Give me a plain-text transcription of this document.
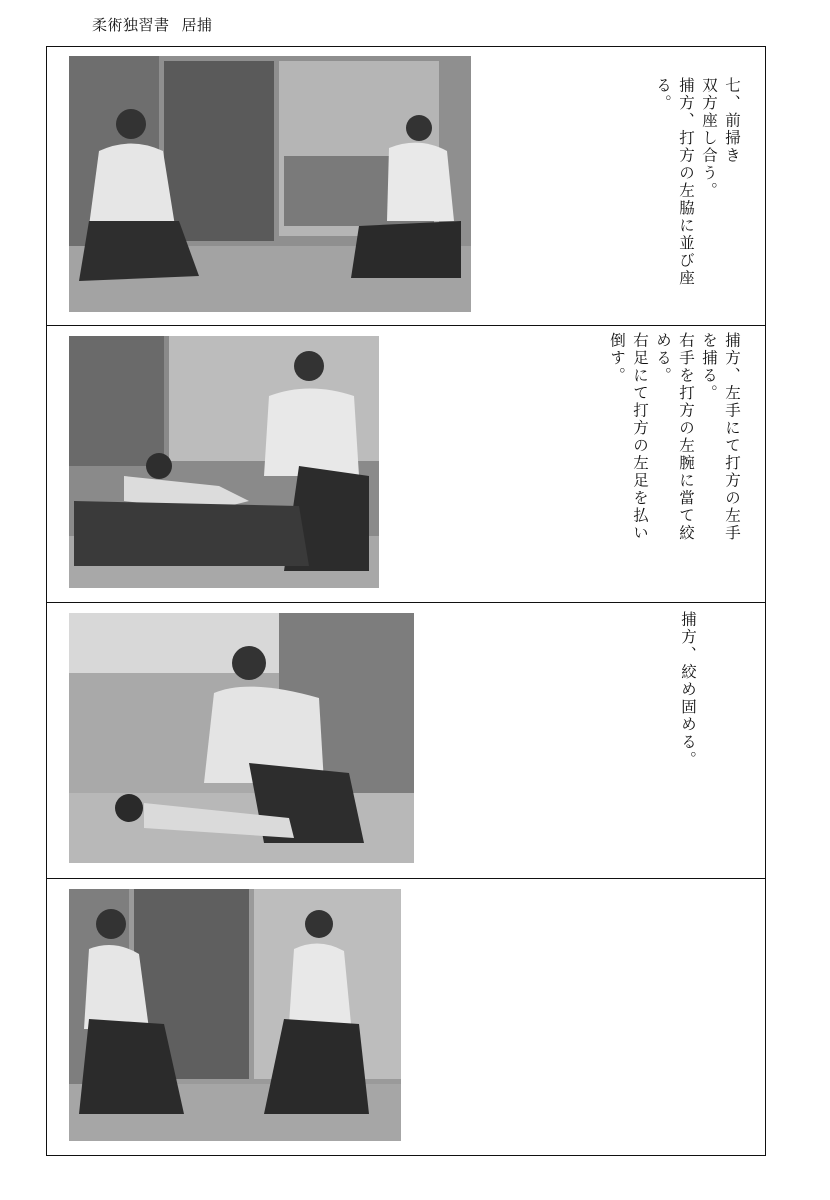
柔術独習書 居捕

七、前掃き

双方座し合う。

捕方、打方の左脇に並び座

る。

捕方、左手にて打方の左手

を捕る。

右手を打方の左腕に當て絞

める。

右足にて打方の左足を払い

倒す。

捕方、絞め固める。
